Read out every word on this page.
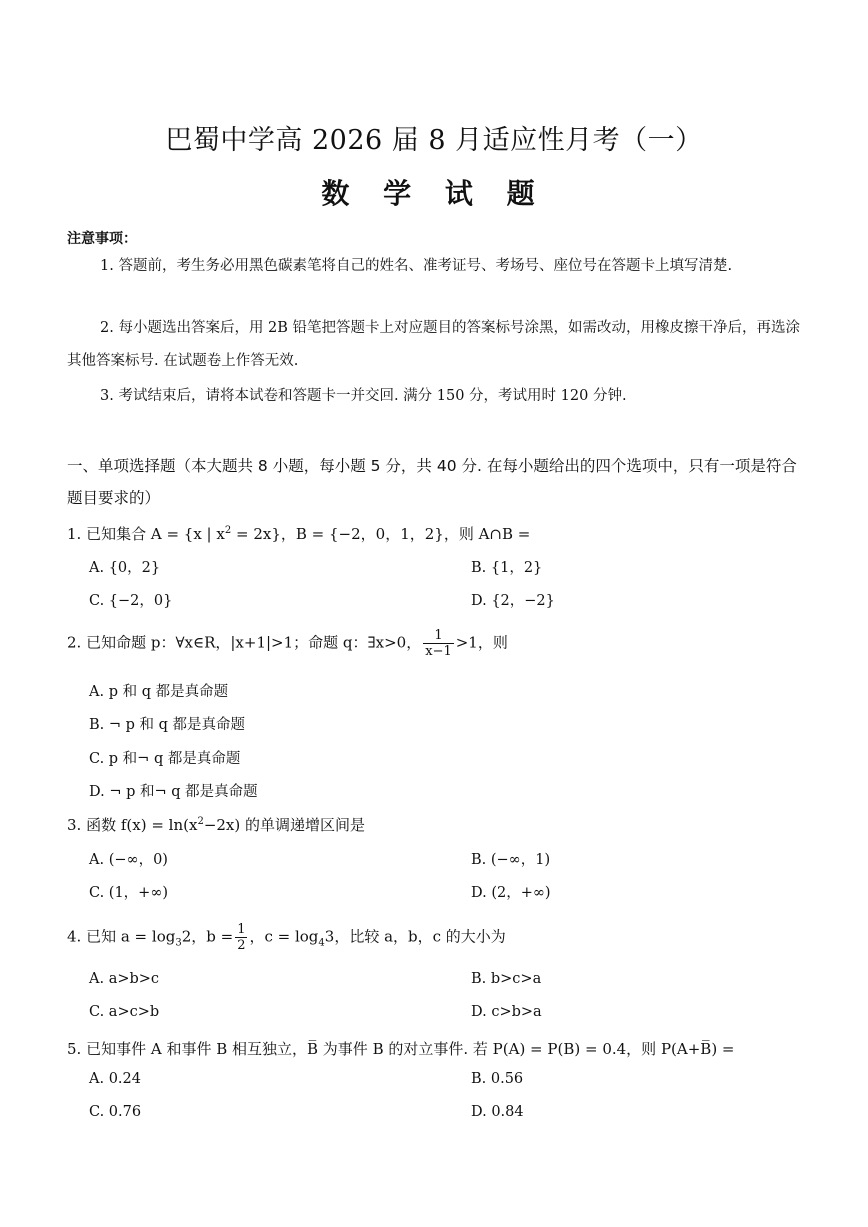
巴蜀中学高 2026 届 8 月适应性月考（一）
数 学 试 题
注意事项：
1. 答题前，考生务必用黑色碳素笔将自己的姓名、准考证号、考场号、座位号在答题卡上填写清楚.
2. 每小题选出答案后，用 2B 铅笔把答题卡上对应题目的答案标号涂黑，如需改动，用橡皮擦干净后，再选涂其他答案标号. 在试题卷上作答无效.
3. 考试结束后，请将本试卷和答题卡一并交回. 满分 150 分，考试用时 120 分钟.
一、单项选择题（本大题共 8 小题，每小题 5 分，共 40 分. 在每小题给出的四个选项中，只有一项是符合题目要求的）
1. 已知集合 A = {x | $x^2 = 2x$}，B = {−2，0，1，2}，则 A∩B =
A. {0，2}	B. {1，2}
C. {−2，0}	D. {2，−2}
2. 已知命题 p：∀x∈R，|x+1|>1；命题 q：∃x>0， $\frac{1}{x-1} >1$，则
A. p 和 q 都是真命题
B. ¬ p 和 q 都是真命题
C. p 和¬ q 都是真命题
D. ¬ p 和¬ q 都是真命题
3. 函数 $f(x) = \ln(x^2-2x)$ 的单调递增区间是
A. (−∞，0)	B. (−∞，1)
C. (1，+∞)	D. (2，+∞)
4. 已知 $a = \log_32$，$b = \frac{1}{2}$ ，$c = \log_43$，比较 a，b，c 的大小为
A. a>b>c	B. b>c>a
C. a>c>b	D. c>b>a
5. 已知事件 A 和事件 B 相互独立，B̅ 为事件 B 的对立事件. 若 P(A) = P(B) = 0.4，则 P(A+B̅) =
A. 0.24	B. 0.56
C. 0.76	D. 0.84
